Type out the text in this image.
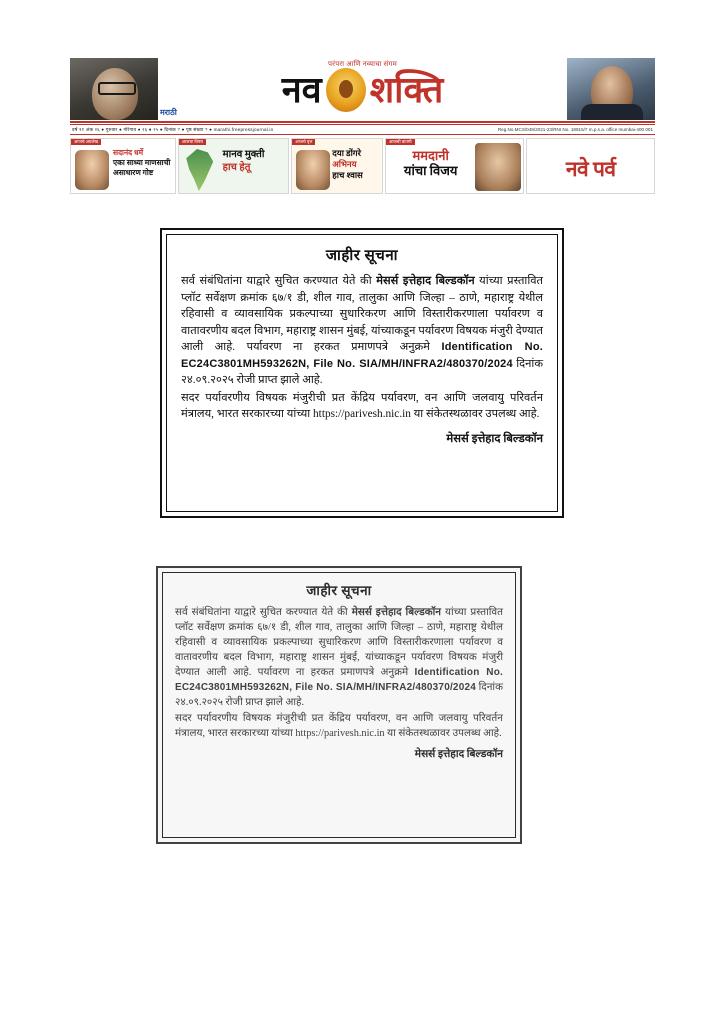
परंपरा आणि नव्याचा संगम
नव शक्ति
मराठी
वर्ष ११ अंक २६ ● गुरुवार ● गोरेगाव ● २६ ● २५ ● दिनांक ? ● पृष्ठ संख्या ? ● marathi.freepressjournal.in	Reg.No.MCS/049/2021-23/RNI No. 18915/7 m.p.s.a. office mumbai-400 001
आजचे अग्रलेख
सदानंद धर्मे
एका साध्या माणसाची
असाधारण गोष्ट
आजचा विषय
मानव मुक्ती
हाच हेतू
आजचे वृत्त
दया डोंगरे
अभिनय
हाच श्वास
आजची बातमी
ममदानी
यांचा विजय	नवे पर्व
जाहीर सूचना

सर्व संबंधितांना याद्वारे सुचित करण्यात येते की मेसर्स इत्तेहाद बिल्डकॉन यांच्या प्रस्तावित प्लॉट सर्वेक्षण क्रमांक ६७/१ डी, शील गाव, तालुका आणि जिल्हा – ठाणे, महाराष्ट्र येथील रहिवासी व व्यावसायिक प्रकल्पाच्या सुधारिकरण आणि विस्तारीकरणाला पर्यावरण व वातावरणीय बदल विभाग, महाराष्ट्र शासन मुंबई, यांच्याकडून पर्यावरण विषयक मंजुरी देण्यात आली आहे. पर्यावरण ना हरकत प्रमाणपत्रे अनुक्रमे Identification No. EC24C3801MH593262N, File No. SIA/MH/INFRA2/480370/2024 दिनांक २४.०९.२०२५ रोजी प्राप्त झाले आहे.

सदर पर्यावरणीय विषयक मंजुरीची प्रत केंद्रिय पर्यावरण, वन आणि जलवायु परिवर्तन मंत्रालय, भारत सरकारच्या यांच्या https://parivesh.nic.in या संकेतस्थळावर उपलब्ध आहे.

मेसर्स इत्तेहाद बिल्डकॉन
जाहीर सूचना

सर्व संबंधितांना याद्वारे सुचित करण्यात येते की मेसर्स इत्तेहाद बिल्डकॉन यांच्या प्रस्तावित प्लॉट सर्वेक्षण क्रमांक ६७/१ डी, शील गाव, तालुका आणि जिल्हा – ठाणे, महाराष्ट्र येथील रहिवासी व व्यावसायिक प्रकल्पाच्या सुधारिकरण आणि विस्तारीकरणाला पर्यावरण व वातावरणीय बदल विभाग, महाराष्ट्र शासन मुंबई, यांच्याकडून पर्यावरण विषयक मंजुरी देण्यात आली आहे. पर्यावरण ना हरकत प्रमाणपत्रे अनुक्रमे Identification No. EC24C3801MH593262N, File No. SIA/MH/INFRA2/480370/2024 दिनांक २४.०९.२०२५ रोजी प्राप्त झाले आहे.

सदर पर्यावरणीय विषयक मंजुरीची प्रत केंद्रिय पर्यावरण, वन आणि जलवायु परिवर्तन मंत्रालय, भारत सरकारच्या यांच्या https://parivesh.nic.in या संकेतस्थळावर उपलब्ध आहे.

मेसर्स इत्तेहाद बिल्डकॉन
